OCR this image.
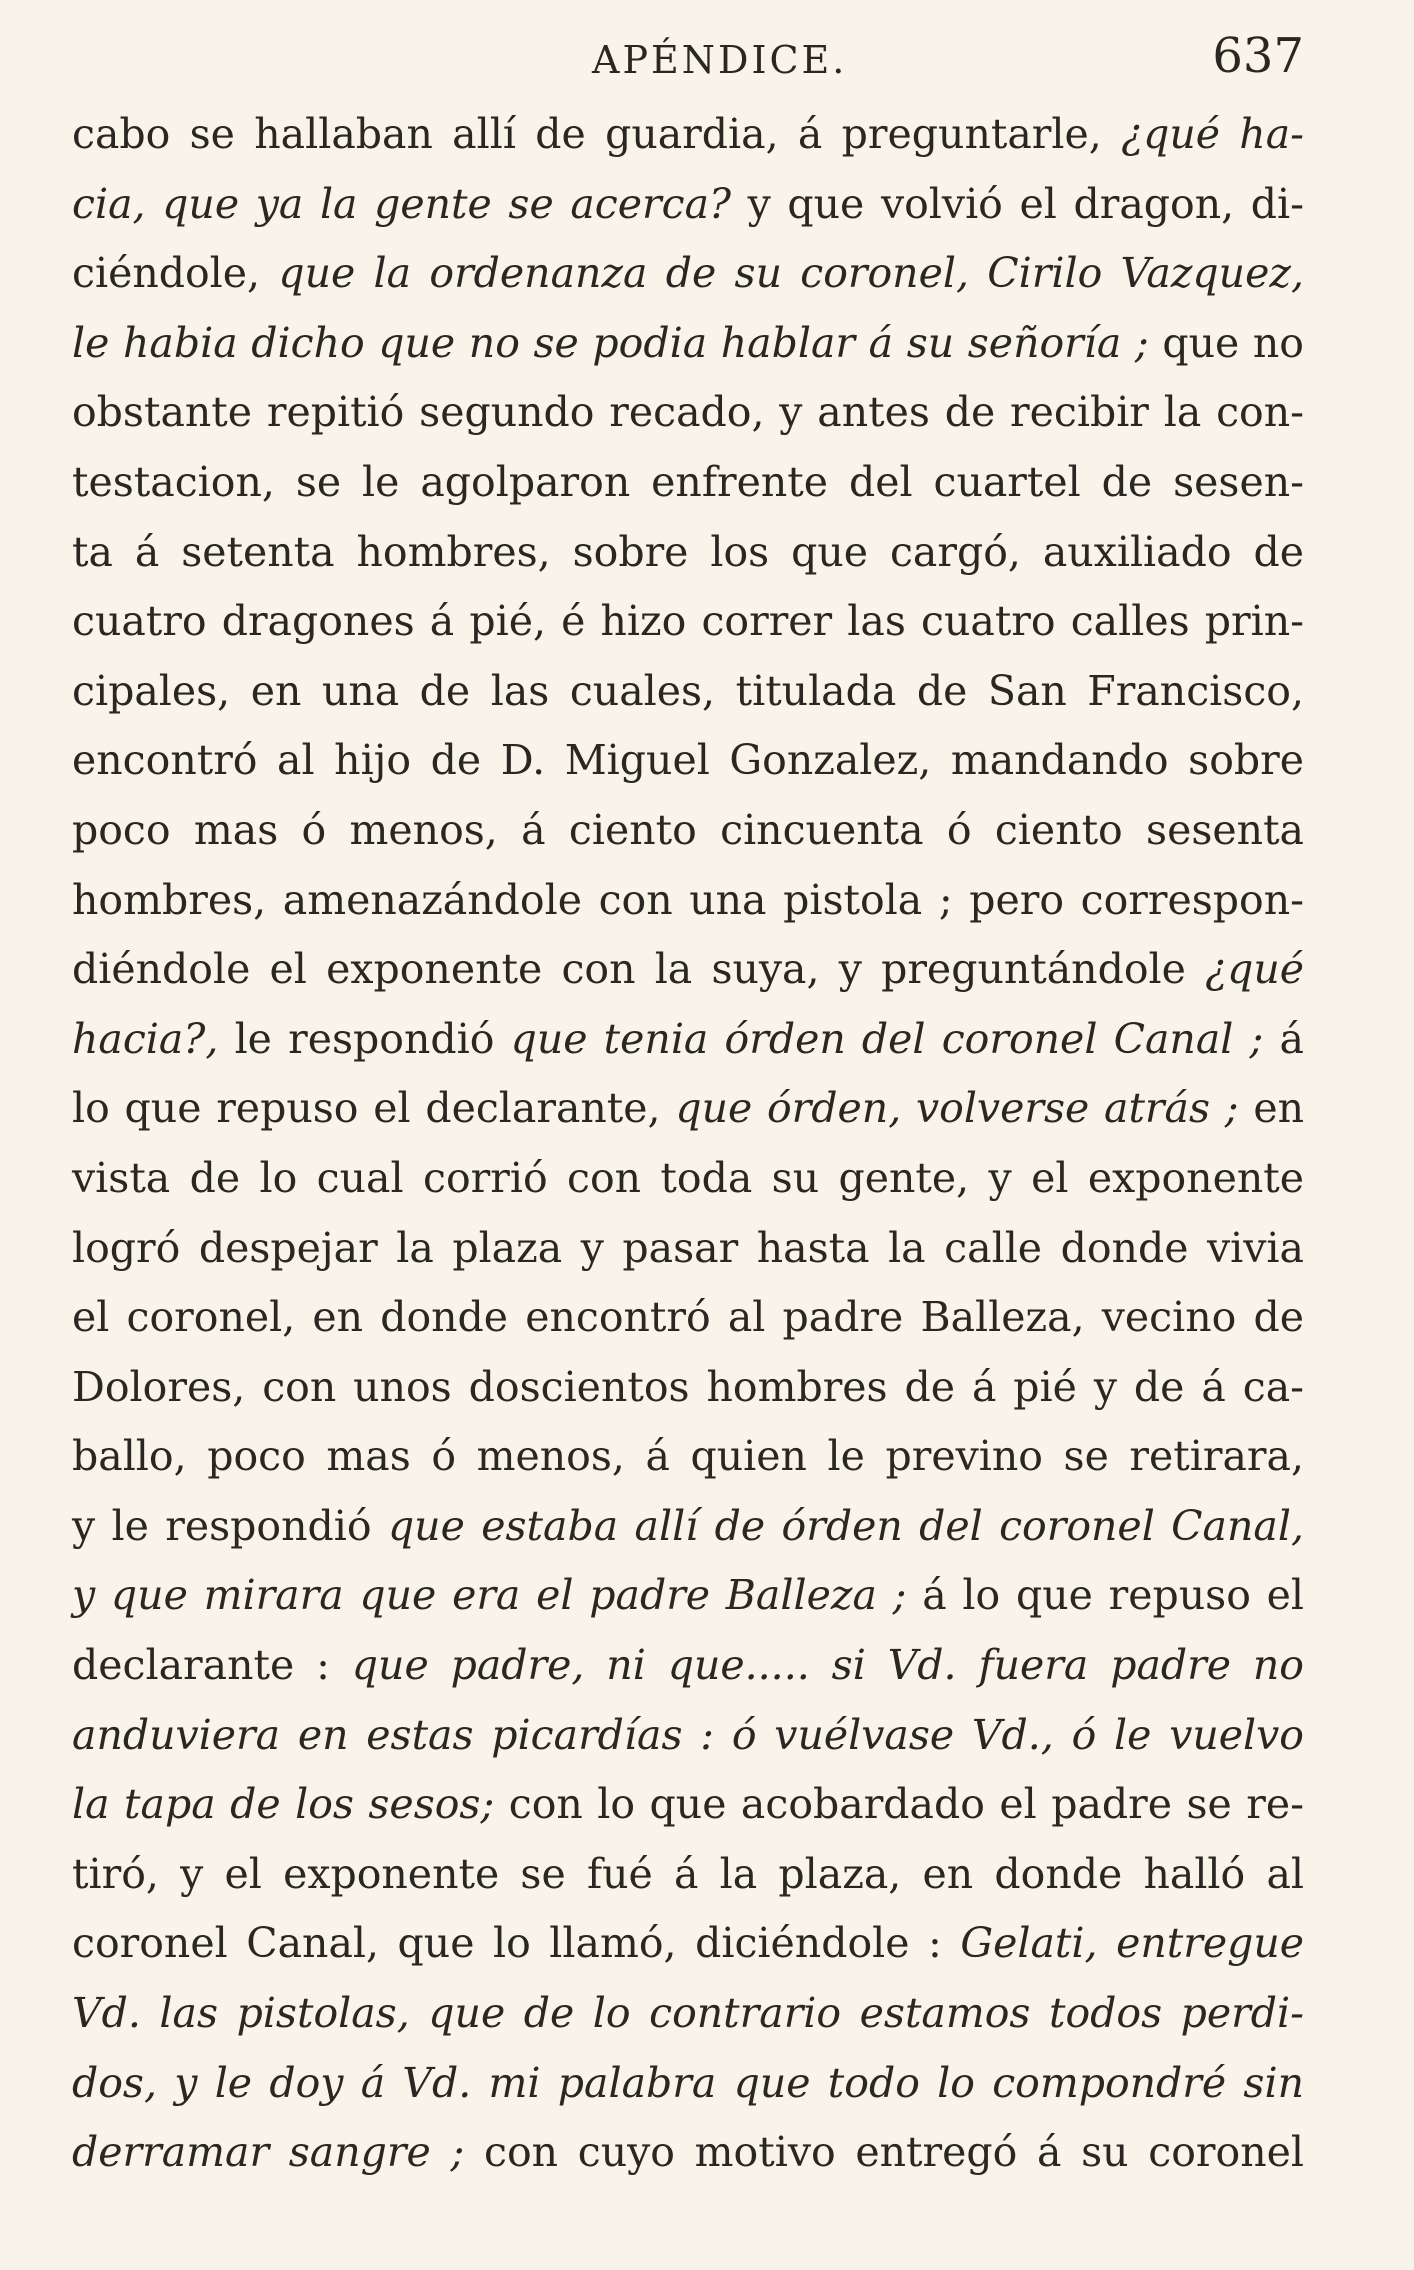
APÉNDICE.	637
cabo se hallaban allí de guardia, á preguntarle, ¿qué ha-
cia, que ya la gente se acerca? y que volvió el dragon, di-
ciéndole, que la ordenanza de su coronel, Cirilo Vazquez,
le habia dicho que no se podia hablar á su señoría ; que no
obstante repitió segundo recado, y antes de recibir la con-
testacion, se le agolparon enfrente del cuartel de sesen-
ta á setenta hombres, sobre los que cargó, auxiliado de
cuatro dragones á pié, é hizo correr las cuatro calles prin-
cipales, en una de las cuales, titulada de San Francisco,
encontró al hijo de D. Miguel Gonzalez, mandando sobre
poco mas ó menos, á ciento cincuenta ó ciento sesenta
hombres, amenazándole con una pistola ; pero correspon-
diéndole el exponente con la suya, y preguntándole ¿qué
hacia?, le respondió que tenia órden del coronel Canal ; á
lo que repuso el declarante, que órden, volverse atrás ; en
vista de lo cual corrió con toda su gente, y el exponente
logró despejar la plaza y pasar hasta la calle donde vivia
el coronel, en donde encontró al padre Balleza, vecino de
Dolores, con unos doscientos hombres de á pié y de á ca-
ballo, poco mas ó menos, á quien le previno se retirara,
y le respondió que estaba allí de órden del coronel Canal,
y que mirara que era el padre Balleza ; á lo que repuso el
declarante : que padre, ni que..... si Vd. fuera padre no
anduviera en estas picardías : ó vuélvase Vd., ó le vuelvo
la tapa de los sesos; con lo que acobardado el padre se re-
tiró, y el exponente se fué á la plaza, en donde halló al
coronel Canal, que lo llamó, diciéndole : Gelati, entregue
Vd. las pistolas, que de lo contrario estamos todos perdi-
dos, y le doy á Vd. mi palabra que todo lo compondré sin
derramar sangre ; con cuyo motivo entregó á su coronel
